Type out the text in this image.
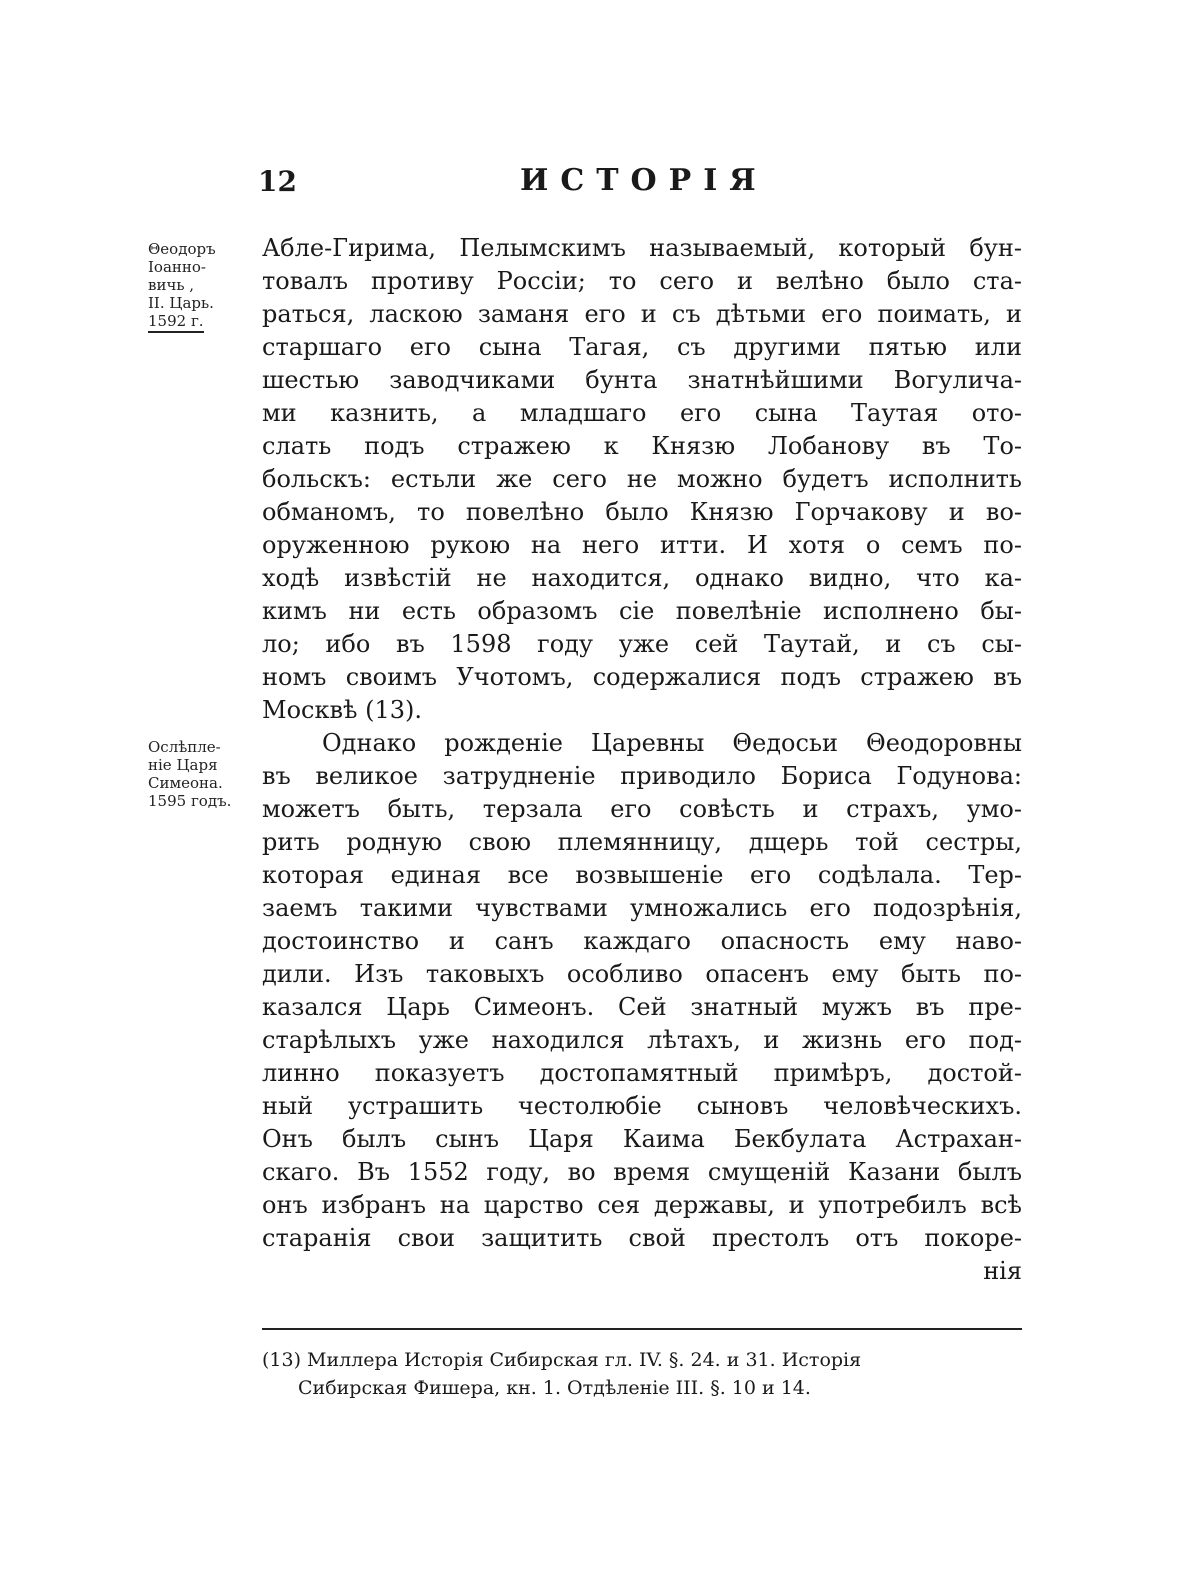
12	ИСТОРІЯ
Θеодоръ
Іоанно-
вичь ,
II. Царь.
1592 г.
Ослѣпле-
ніе Царя
Симеона.
1595 годъ.
Абле-Гирима, Пелымскимъ называемый, который бун-
товалъ противу Россіи; то сего и велѣно было ста-
раться, ласкою заманя его и съ дѣтьми его поимать, и
старшаго его сына Тагая, съ другими пятью или
шестью заводчиками бунта знатнѣйшими Вогулича-
ми казнить, а младшаго его сына Таутая ото-
слать подъ стражею к Князю Лобанову въ То-
больскъ: естьли же сего не можно будетъ исполнить
обманомъ, то повелѣно было Князю Горчакову и во-
оруженною рукою на него итти. И хотя о семъ по-
ходѣ извѣстій не находится, однако видно, что ка-
кимъ ни есть образомъ сіе повелѣніе исполнено бы-
ло; ибо въ 1598 году уже сей Таутай, и съ сы-
номъ своимъ Учотомъ, содержалися подъ стражею въ
Москвѣ (13).
Однако рожденіе Царевны Θедосьи Θеодоровны
въ великое затрудненіе приводило Бориса Годунова:
можетъ быть, терзала его совѣсть и страхъ, умо-
рить родную свою племянницу, дщерь той сестры,
которая единая все возвышеніе его содѣлала. Тер-
заемъ такими чувствами умножались его подозрѣнія,
достоинство и санъ каждаго опасность ему наво-
дили. Изъ таковыхъ особливо опасенъ ему быть по-
казался Царь Симеонъ. Сей знатный мужъ въ пре-
старѣлыхъ уже находился лѣтахъ, и жизнь его под-
линно показуетъ достопамятный примѣръ, достой-
ный устрашить честолюбіе сыновъ человѣческихъ.
Онъ былъ сынъ Царя Каима Бекбулата Астрахан-
скаго. Въ 1552 году, во время смущеній Казани былъ
онъ избранъ на царство сея державы, и употребилъ всѣ
старанія свои защитить свой престолъ отъ покоре-
нія
(13) Миллера Исторія Сибирская гл. IV. §. 24. и 31. Исторія
Сибирская Фишера, кн. 1. Отдѣленіе III. §. 10 и 14.
